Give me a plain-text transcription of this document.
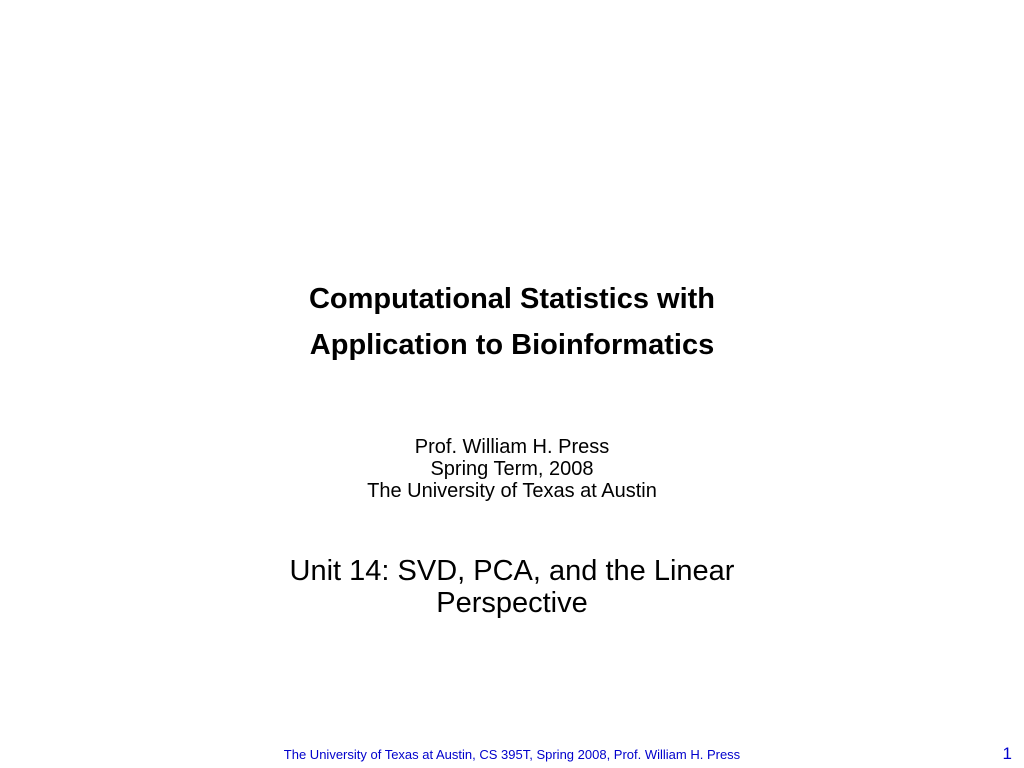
Computational Statistics with
Application to Bioinformatics
Prof. William H. Press
Spring Term, 2008
The University of Texas at Austin
Unit 14: SVD, PCA, and the Linear
Perspective
The University of Texas at Austin, CS 395T, Spring 2008, Prof. William H. Press	1
